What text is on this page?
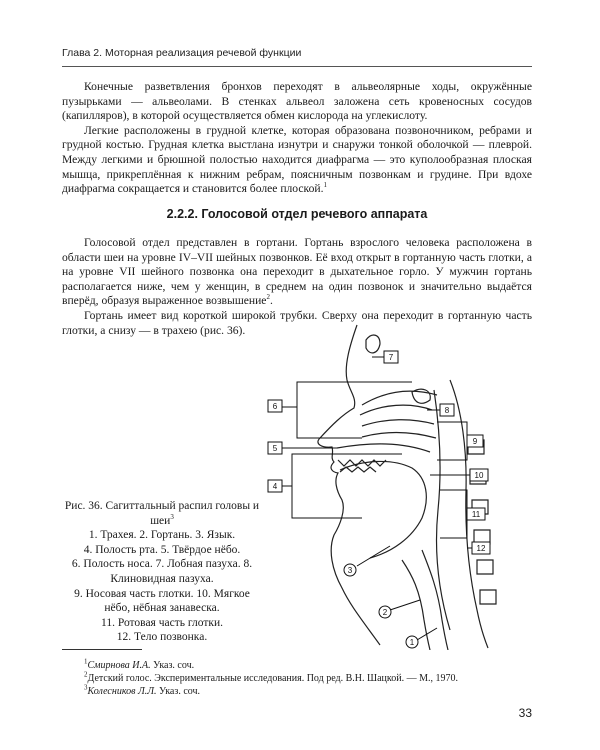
Глава 2. Моторная реализация речевой функции

Конечные разветвления бронхов переходят в альвеолярные ходы, окружённые пузырьками — альвеолами. В стенках альвеол заложена сеть кровеносных сосудов (капилляров), в которой осуществляется обмен кислорода на углекислоту.

Легкие расположены в грудной клетке, которая образована позвоночником, ребрами и грудной костью. Грудная клетка выстлана изнутри и снаружи тонкой оболочкой — плеврой. Между легкими и брюшной полостью находится диафрагма — это куполообразная плоская мышца, прикреплённая к нижним ребрам, поясничным позвонкам и грудине. При вдохе диафрагма сокращается и становится более плоской.$^1$

2.2.2. Голосовой отдел речевого аппарата

Голосовой отдел представлен в гортани. Гортань взрослого человека расположена в области шеи на уровне IV–VII шейных позвонков. Её вход открыт в гортанную часть глотки, а на уровне VII шейного позвонка она переходит в дыхательное горло. У мужчин гортань располагается ниже, чем у женщин, в среднем на один позвонок и значительно выдаётся вперёд, образуя выраженное возвышение$^2$.

Гортань имеет вид короткой широкой трубки. Сверху она переходит в гортанную часть глотки, а снизу — в трахею (рис. 36).

Рис. 36. Сагиттальный распил головы и шеи$^3$
1. Трахея. 2. Гортань. 3. Язык.
4. Полость рта. 5. Твёрдое нёбо.
6. Полость носа. 7. Лобная пазуха. 8. Клиновидная пазуха.
9. Носовая часть глотки. 10. Мягкое нёбо, нёбная занавеска.
11. Ротовая часть глотки.
12. Тело позвонка.
6
5
4
7
8
9
10
11
12
3
2
1
$^1$Смирнова И.А. Указ. соч.
$^2$Детский голос. Экспериментальные исследования. Под ред. В.Н. Шацкой. — М., 1970.
$^3$Колесников Л.Л. Указ. соч.
33
